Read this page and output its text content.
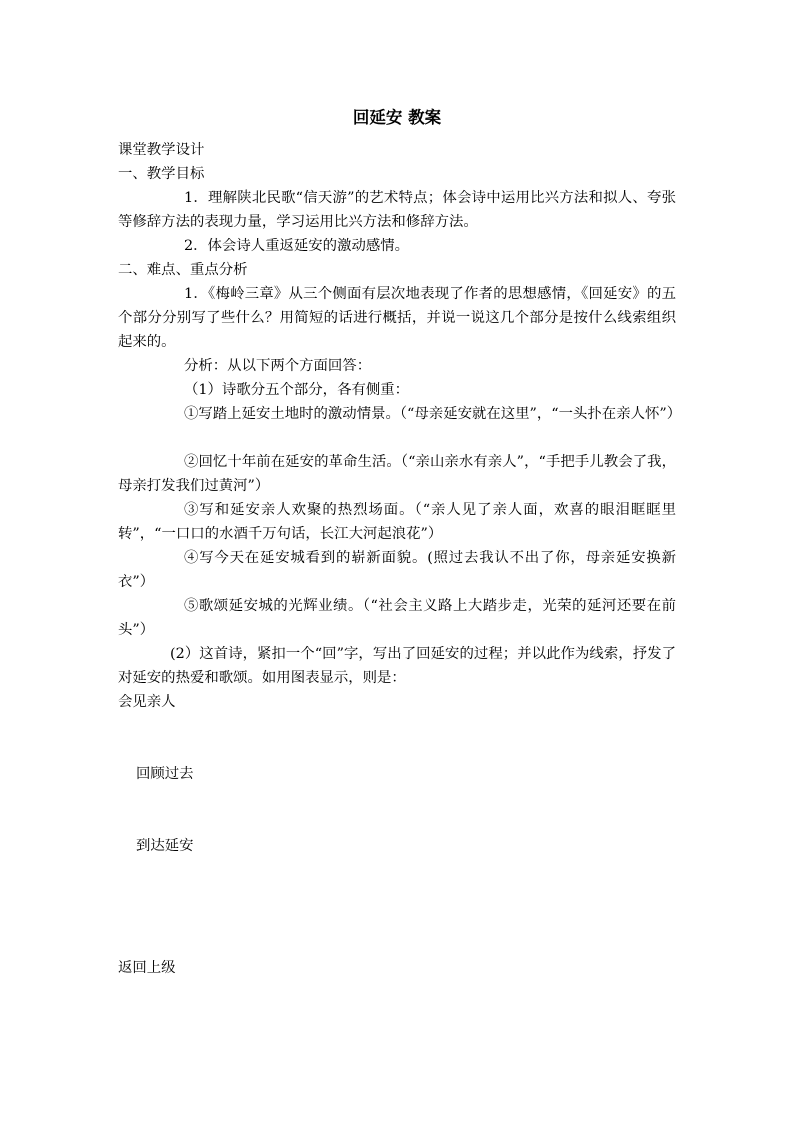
回延安 教案
课堂教学设计
一、教学目标
1．理解陕北民歌“信天游”的艺术特点；体会诗中运用比兴方法和拟人、夸张等修辞方法的表现力量，学习运用比兴方法和修辞方法。
2．体会诗人重返延安的激动感情。
二、难点、重点分析
1．《梅岭三章》从三个侧面有层次地表现了作者的思想感情，《回延安》的五个部分分别写了些什么？用简短的话进行概括，并说一说这几个部分是按什么线索组织起来的。
分析：从以下两个方面回答：
（1）诗歌分五个部分，各有侧重：
①写踏上延安土地时的激动情景。（“母亲延安就在这里”，“一头扑在亲人怀”）
②回忆十年前在延安的革命生活。（“亲山亲水有亲人”，“手把手儿教会了我，母亲打发我们过黄河”）
③写和延安亲人欢聚的热烈场面。（“亲人见了亲人面，欢喜的眼泪眶眶里转”，“一口口的水酒千万句话，长江大河起浪花”）
④写今天在延安城看到的崭新面貌。(照过去我认不出了你，母亲延安换新衣”）
⑤歌颂延安城的光辉业绩。（“社会主义路上大踏步走，光荣的延河还要在前头”）
(2）这首诗，紧扣一个“回”字，写出了回延安的过程；并以此作为线索，抒发了对延安的热爱和歌颂。如用图表显示，则是：
会见亲人
回顾过去
到达延安
返回上级
